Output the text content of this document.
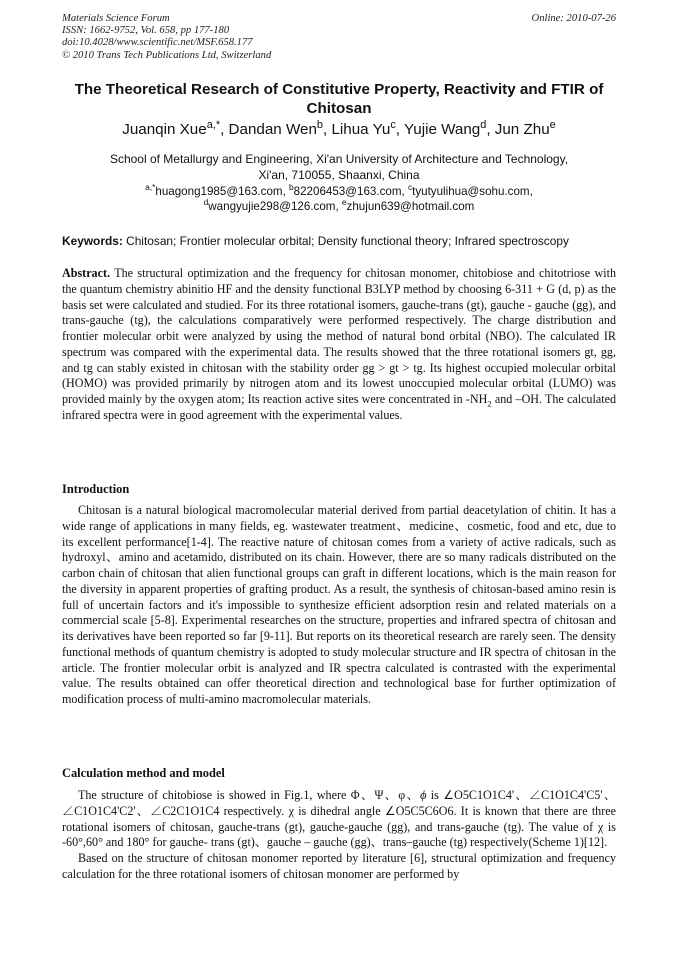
Materials Science Forum
ISSN: 1662-9752, Vol. 658, pp 177-180
doi:10.4028/www.scientific.net/MSF.658.177
© 2010 Trans Tech Publications Ltd, Switzerland
Online: 2010-07-26
The Theoretical Research of Constitutive Property, Reactivity and FTIR of Chitosan
Juanqin Xue$^{a,*}$, Dandan Wen$^b$, Lihua Yu$^c$, Yujie Wang$^d$, Jun Zhu$^e$
School of Metallurgy and Engineering, Xi'an University of Architecture and Technology,
Xi'an, 710055, Shaanxi, China
$^{a,*}$huagong1985@163.com, $^b$82206453@163.com, $^c$tyutyulihua@sohu.com,
$^d$wangyujie298@126.com, $^e$zhujun639@hotmail.com
Keywords: Chitosan; Frontier molecular orbital; Density functional theory; Infrared spectroscopy

Abstract. The structural optimization and the frequency for chitosan monomer, chitobiose and chitotriose with the quantum chemistry abinitio HF and the density functional B3LYP method by choosing 6-311 + G (d, p) as the basis set were calculated and studied. For its three rotational isomers, gauche-trans (gt), gauche - gauche (gg), and trans-gauche (tg), the calculations comparatively were performed respectively. The charge distribution and frontier molecular orbit were analyzed by using the method of natural bond orbital (NBO). The calculated IR spectrum was compared with the experimental data. The results showed that the three rotational isomers gt, gg, and tg can stably existed in chitosan with the stability order gg > gt > tg. Its highest occupied molecular orbital (HOMO) was provided primarily by nitrogen atom and its lowest unoccupied molecular orbital (LUMO) was provided mainly by the oxygen atom; Its reaction active sites were concentrated in $-NH_2$ and –OH. The calculated infrared spectra were in good agreement with the experimental values.

Introduction

Chitosan is a natural biological macromolecular material derived from partial deacetylation of chitin. It has a wide range of applications in many fields, eg. wastewater treatment、medicine、cosmetic, food and etc, due to its excellent performance[1-4]. The reactive nature of chitosan comes from a variety of active radicals, such as hydroxyl、amino and acetamido, distributed on its chain. However, there are so many radicals distributed on the carbon chain of chitosan that alien functional groups can graft in different locations, which is the main reason for the diversity in apparent properties of grafting product. As a result, the synthesis of chitosan-based amino resin is full of uncertain factors and it's impossible to synthesize efficient adsorption resin and related materials on a commercial scale [5-8]. Experimental researches on the structure, properties and infrared spectra of chitosan and its derivatives have been reported so far [9-11]. But reports on its theoretical research are rarely seen. The density functional methods of quantum chemistry is adopted to study molecular structure and IR spectra of chitosan in the article. The frontier molecular orbit is analyzed and IR spectra calculated is contrasted with the experimental value. The results obtained can offer theoretical direction and technological base for further optimization of modification process of multi-amino macromolecular materials.

Calculation method and model

The structure of chitobiose is showed in Fig.1, where Φ、Ψ、φ、ϕ is ∠O5C1O1C4'、∠C1O1C4'C5'、∠C1O1C4'C2'、∠C2C1O1C4 respectively. χ is dihedral angle ∠O5C5C6O6. It is known that there are three rotational isomers of chitosan, gauche-trans (gt), gauche-gauche (gg), and trans-gauche (tg). The value of χ is -60°,60° and 180° for gauche- trans (gt)、gauche – gauche (gg)、trans–gauche (tg) respectively(Scheme 1)[12].

Based on the structure of chitosan monomer reported by literature [6], structural optimization and frequency calculation for the three rotational isomers of chitosan monomer are performed by
